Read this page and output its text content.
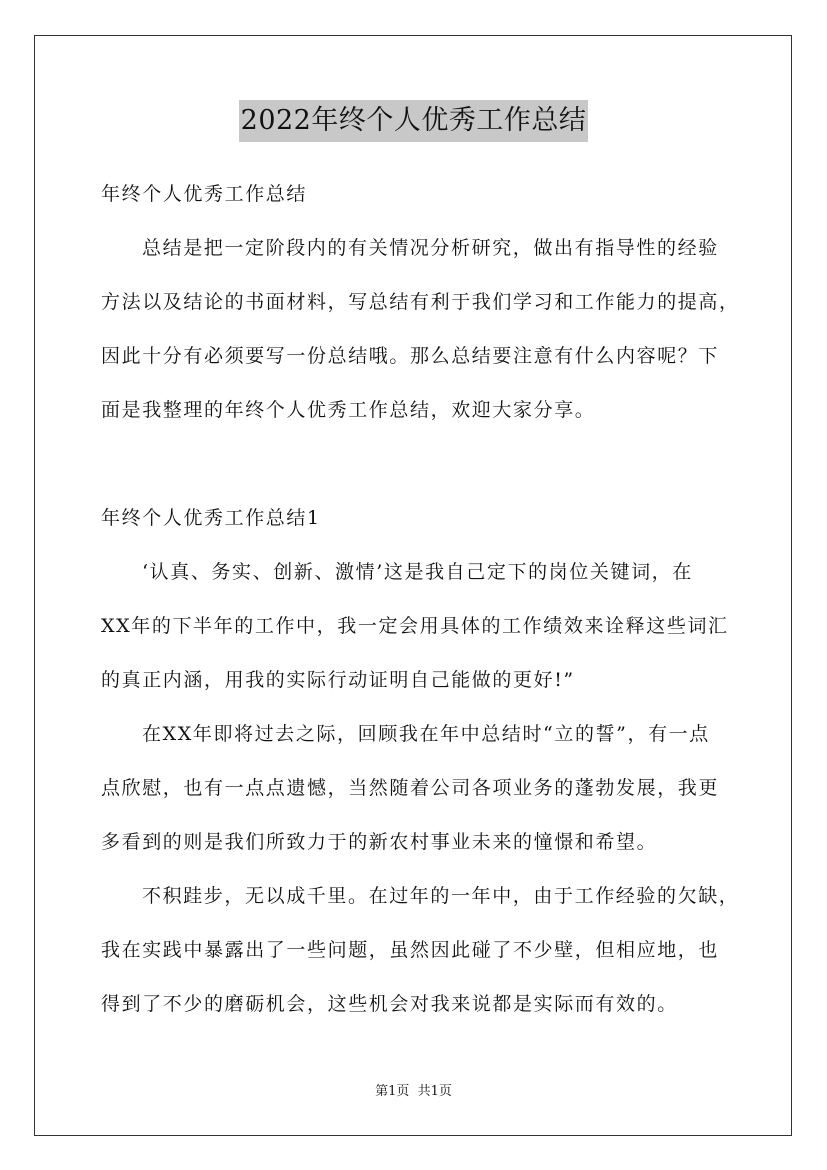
2022年终个人优秀工作总结
年终个人优秀工作总结
总结是把一定阶段内的有关情况分析研究，做出有指导性的经验
方法以及结论的书面材料，写总结有利于我们学习和工作能力的提高，
因此十分有必须要写一份总结哦。那么总结要注意有什么内容呢？下
面是我整理的年终个人优秀工作总结，欢迎大家分享。
年终个人优秀工作总结1
‘认真、务实、创新、激情’这是我自己定下的岗位关键词，在
XX年的下半年的工作中，我一定会用具体的工作绩效来诠释这些词汇
的真正内涵，用我的实际行动证明自己能做的更好!”
在XX年即将过去之际，回顾我在年中总结时“立的誓”，有一点
点欣慰，也有一点点遗憾，当然随着公司各项业务的蓬勃发展，我更
多看到的则是我们所致力于的新农村事业未来的憧憬和希望。
不积跬步，无以成千里。在过年的一年中，由于工作经验的欠缺，
我在实践中暴露出了一些问题，虽然因此碰了不少壁，但相应地，也
得到了不少的磨砺机会，这些机会对我来说都是实际而有效的。
第1页 共1页
